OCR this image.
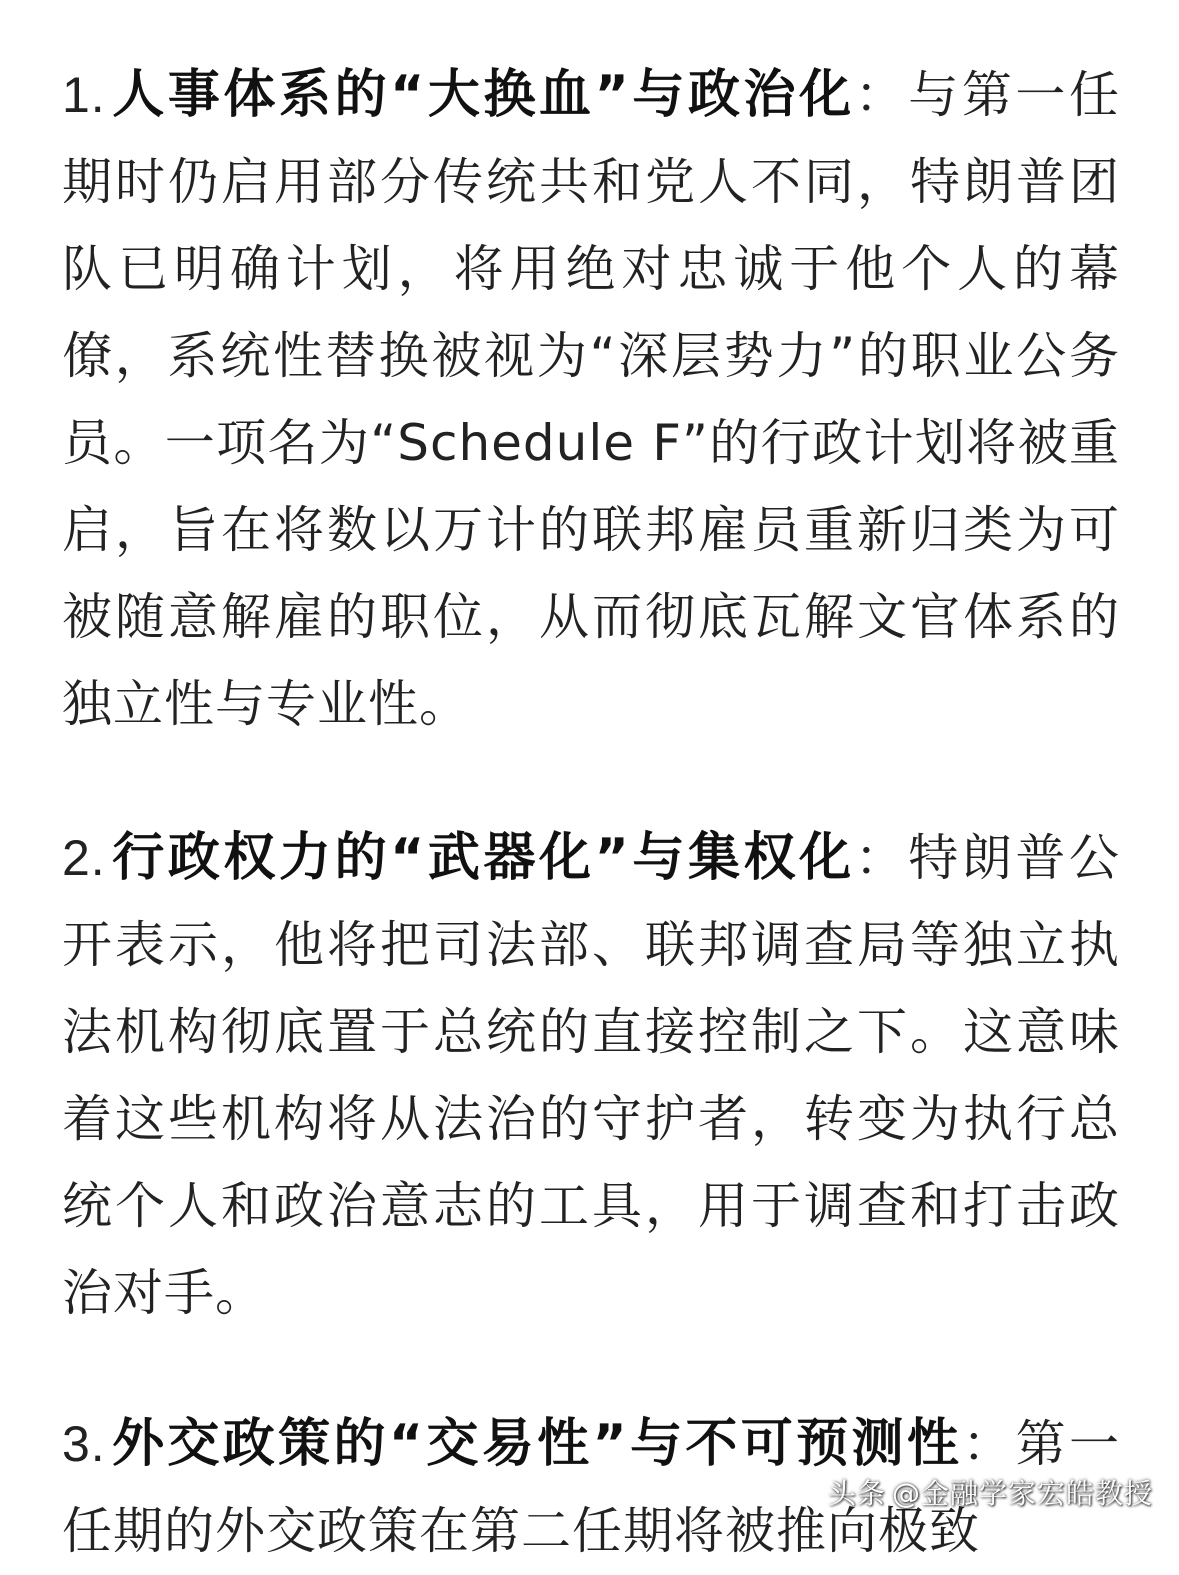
1.人事体系的“大换血”与政治化：与第一任期时仍启用部分传统共和党人不同，特朗普团队已明确计划，将用绝对忠诚于他个人的幕僚，系统性替换被视为“深层势力”的职业公务员。一项名为“Schedule F”的行政计划将被重启，旨在将数以万计的联邦雇员重新归类为可被随意解雇的职位，从而彻底瓦解文官体系的独立性与专业性。
2.行政权力的“武器化”与集权化：特朗普公开表示，他将把司法部、联邦调查局等独立执法机构彻底置于总统的直接控制之下。这意味着这些机构将从法治的守护者，转变为执行总统个人和政治意志的工具，用于调查和打击政治对手。
3.外交政策的“交易性”与不可预测性：第一任期的外交政策在第二任期将被推向极致
头条 @金融学家宏皓教授
